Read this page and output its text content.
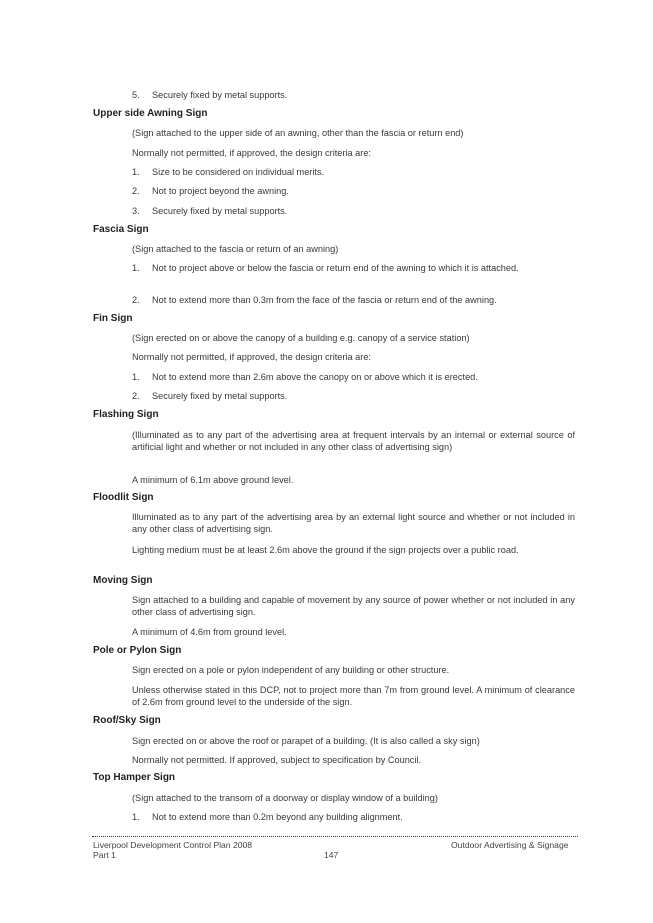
5. Securely fixed by metal supports.
Upper side Awning Sign
(Sign attached to the upper side of an awning, other than the fascia or return end)
Normally not permitted, if approved, the design criteria are:
1. Size to be considered on individual merits.
2. Not to project beyond the awning.
3. Securely fixed by metal supports.
Fascia Sign
(Sign attached to the fascia or return of an awning)
1. Not to project above or below the fascia or return end of the awning to which it is attached.
2. Not to extend more than 0.3m from the face of the fascia or return end of the awning.
Fin Sign
(Sign erected on or above the canopy of a building e.g. canopy of a service station)
Normally not permitted, if approved, the design criteria are:
1. Not to extend more than 2.6m above the canopy on or above which it is erected.
2. Securely fixed by metal supports.
Flashing Sign
(Illuminated as to any part of the advertising area at frequent intervals by an internal or external source of artificial light and whether or not included in any other class of advertising sign)
A minimum of 6.1m above ground level.
Floodlit Sign
Illuminated as to any part of the advertising area by an external light source and whether or not included in any other class of advertising sign.
Lighting medium must be at least 2.6m above the ground if the sign projects over a public road.
Moving Sign
Sign attached to a building and capable of movement by any source of power whether or not included in any other class of advertising sign.
A minimum of 4.6m from ground level.
Pole or Pylon Sign
Sign erected on a pole or pylon independent of any building or other structure.
Unless otherwise stated in this DCP, not to project more than 7m from ground level. A minimum of clearance of 2.6m from ground level to the underside of the sign.
Roof/Sky Sign
Sign erected on or above the roof or parapet of a building. (It is also called a sky sign)
Normally not permitted. If approved, subject to specification by Council.
Top Hamper Sign
(Sign attached to the transom of a doorway or display window of a building)
1. Not to extend more than 0.2m beyond any building alignment.
Liverpool Development Control Plan 2008
Part 1	147
Outdoor Advertising & Signage
